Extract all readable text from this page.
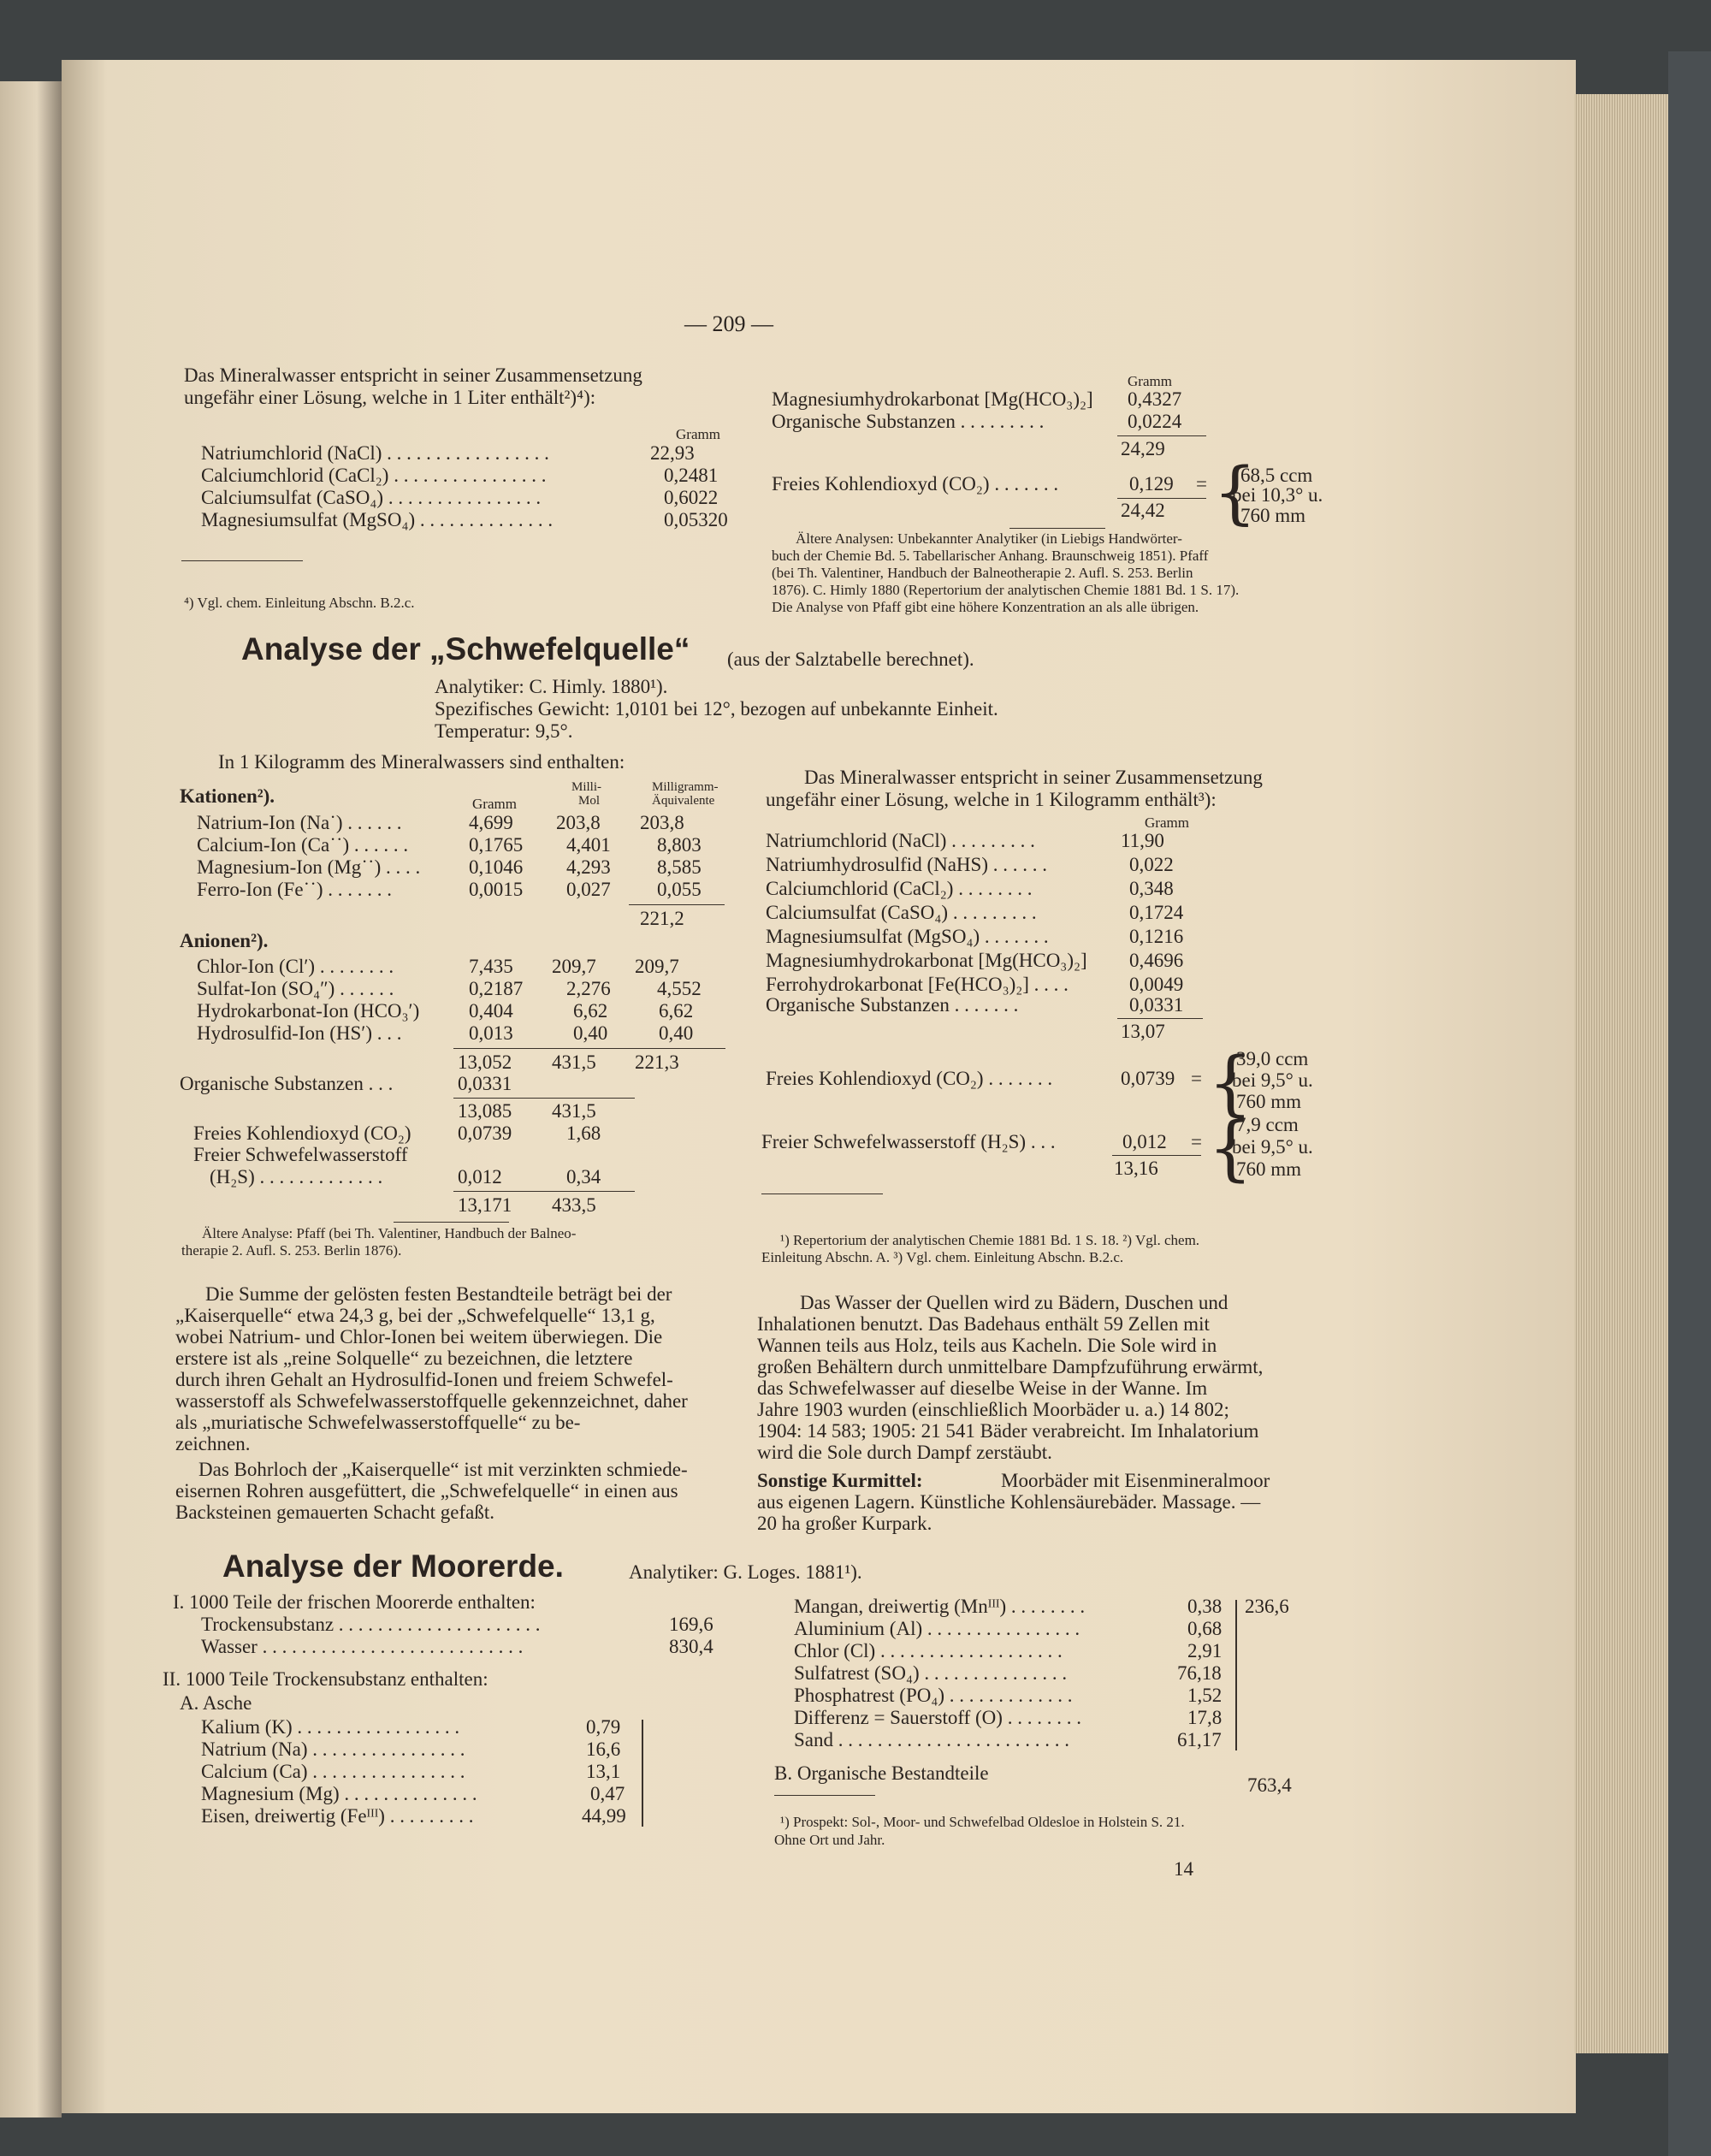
— 209 —
Das Mineralwasser entspricht in seiner Zusammensetzung
ungefähr einer Lösung, welche in 1 Liter enthält²)⁴):
Gramm
Natriumchlorid (NaCl) . . . . . . . . . . . . . . . . .	22,93
Calciumchlorid (CaCl₂) . . . . . . . . . . . . . . . .	0,2481
Calciumsulfat (CaSO₄) . . . . . . . . . . . . . . . .	0,6022
Magnesiumsulfat (MgSO₄) . . . . . . . . . . . . . .	0,05320
⁴) Vgl. chem. Einleitung Abschn. B.2.c.
Gramm
Magnesiumhydrokarbonat [Mg(HCO₃)₂] 0,4327
Organische Substanzen . . . . . . . . .	0,0224
24,29
Freies Kohlendioxyd (CO₂) . . . . . . .	0,129 =
24,42 {
68,5 ccm
bei 10,3° u.
760 mm
Ältere Analysen: Unbekannter Analytiker (in Liebigs Handwörter-
buch der Chemie Bd. 5. Tabellarischer Anhang. Braunschweig 1851). Pfaff
(bei Th. Valentiner, Handbuch der Balneotherapie 2. Aufl. S. 253. Berlin
1876). C. Himly 1880 (Repertorium der analytischen Chemie 1881 Bd. 1 S. 17).
Die Analyse von Pfaff gibt eine höhere Konzentration an als alle übrigen.
Analyse der „Schwefelquelle“ (aus der Salztabelle berechnet).
Analytiker: C. Himly. 1880¹).
Spezifisches Gewicht: 1,0101 bei 12°, bezogen auf unbekannte Einheit.
Temperatur: 9,5°.
In 1 Kilogramm des Mineralwassers sind enthalten:
Kationen²).	Gramm
Milli-
Mol
Milligramm-
Äquivalente
Natrium-Ion (Na˙) . . . . . .	4,699 203,8 203,8
Calcium-Ion (Ca˙˙) . . . . . .	0,1765 4,401 8,803
Magnesium-Ion (Mg˙˙) . . . . 0,1046 4,293 8,585
Ferro-Ion (Fe˙˙) . . . . . . .	0,0015 0,027 0,055
221,2
Anionen²).
Chlor-Ion (Cl′) . . . . . . . .	7,435 209,7 209,7
Sulfat-Ion (SO₄″) . . . . . .	0,2187 2,276 4,552
Hydrokarbonat-Ion (HCO₃′)	0,404	6,62	6,62
Hydrosulfid-Ion (HS′) . . .	0,013	0,40	0,40
13,052 431,5 221,3
Organische Substanzen . . .	0,0331
13,085 431,5
Freies Kohlendioxyd (CO₂) 0,0739	1,68
Freier Schwefelwasserstoff
(H₂S) . . . . . . . . . . . . .	0,012	0,34
13,171 433,5
Ältere Analyse: Pfaff (bei Th. Valentiner, Handbuch der Balneo-
therapie 2. Aufl. S. 253. Berlin 1876).
Die Summe der gelösten festen Bestandteile beträgt bei der
„Kaiserquelle“ etwa 24,3 g, bei der „Schwefelquelle“ 13,1 g,
wobei Natrium- und Chlor-Ionen bei weitem überwiegen. Die
erstere ist als „reine Solquelle“ zu bezeichnen, die letztere
durch ihren Gehalt an Hydrosulfid-Ionen und freiem Schwefel-
wasserstoff als Schwefelwasserstoffquelle gekennzeichnet, daher
als „muriatische Schwefelwasserstoffquelle“ zu be-
zeichnen.
Das Bohrloch der „Kaiserquelle“ ist mit verzinkten schmiede-
eisernen Rohren ausgefüttert, die „Schwefelquelle“ in einen aus
Backsteinen gemauerten Schacht gefaßt.
Das Mineralwasser entspricht in seiner Zusammensetzung
ungefähr einer Lösung, welche in 1 Kilogramm enthält³):
Gramm
Natriumchlorid (NaCl) . . . . . . . . .	11,90
Natriumhydrosulfid (NaHS) . . . . . .	0,022
Calciumchlorid (CaCl₂) . . . . . . . .	0,348
Calciumsulfat (CaSO₄) . . . . . . . . .	0,1724
Magnesiumsulfat (MgSO₄) . . . . . . .	0,1216
Magnesiumhydrokarbonat [Mg(HCO₃)₂] 0,4696
Ferrohydrokarbonat [Fe(HCO₃)₂] . . . .	0,0049
Organische Substanzen . . . . . . .	0,0331
13,07
Freies Kohlendioxyd (CO₂) . . . . . . .	0,0739 = {
39,0 ccm
bei 9,5° u.
760 mm
Freier Schwefelwasserstoff (H₂S) . . .	0,012 =
13,16 {
7,9 ccm
bei 9,5° u.
760 mm
¹) Repertorium der analytischen Chemie 1881 Bd. 1 S. 18. ²) Vgl. chem.
Einleitung Abschn. A. ³) Vgl. chem. Einleitung Abschn. B.2.c.
Das Wasser der Quellen wird zu Bädern, Duschen und
Inhalationen benutzt. Das Badehaus enthält 59 Zellen mit
Wannen teils aus Holz, teils aus Kacheln. Die Sole wird in
großen Behältern durch unmittelbare Dampfzuführung erwärmt,
das Schwefelwasser auf dieselbe Weise in der Wanne. Im
Jahre 1903 wurden (einschließlich Moorbäder u. a.) 14 802;
1904: 14 583; 1905: 21 541 Bäder verabreicht. Im Inhalatorium
wird die Sole durch Dampf zerstäubt.
Sonstige Kurmittel:	Moorbäder mit Eisenmineralmoor
aus eigenen Lagern. Künstliche Kohlensäurebäder. Massage. —
20 ha großer Kurpark.
Analyse der Moorerde.	Analytiker: G. Loges. 1881¹).
I. 1000 Teile der frischen Moorerde enthalten:
Trockensubstanz . . . . . . . . . . . . . . . . . . . . .	169,6
Wasser . . . . . . . . . . . . . . . . . . . . . . . . . . .	830,4
II. 1000 Teile Trockensubstanz enthalten:
A. Asche
Kalium (K) . . . . . . . . . . . . . . . . .	0,79
Natrium (Na) . . . . . . . . . . . . . . . .	16,6
Calcium (Ca) . . . . . . . . . . . . . . . .	13,1
Magnesium (Mg) . . . . . . . . . . . . . .	0,47
Eisen, dreiwertig (Feᴵᴵᴵ) . . . . . . . . .	44,99
Mangan, dreiwertig (Mnᴵᴵᴵ) . . . . . . . .	0,38
Aluminium (Al) . . . . . . . . . . . . . . . .	0,68
Chlor (Cl) . . . . . . . . . . . . . . . . . . .	2,91
Sulfatrest (SO₄) . . . . . . . . . . . . . . .	76,18
Phosphatrest (PO₄) . . . . . . . . . . . . .	1,52
Differenz = Sauerstoff (O) . . . . . . . .	17,8
Sand . . . . . . . . . . . . . . . . . . . . . . . .	61,17
236,6
B. Organische Bestandteile
763,4
¹) Prospekt: Sol-, Moor- und Schwefelbad Oldesloe in Holstein S. 21.
Ohne Ort und Jahr.
14
